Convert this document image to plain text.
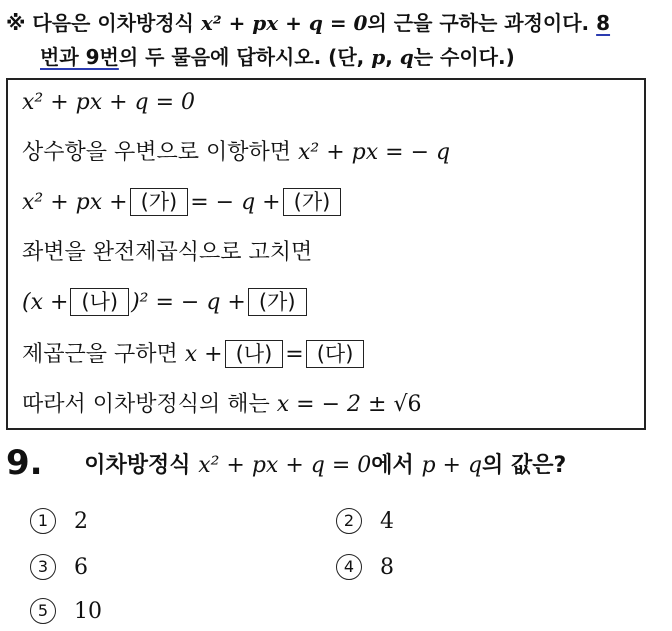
※ 다음은 이차방정식 x² + px + q = 0의 근을 구하는 과정이다. 8
번과 9번의 두 물음에 답하시오. (단, p, q는 수이다.)
x² + px + q = 0
상수항을 우변으로 이항하면 x² + px = − q
x² + px + (가) = − q + (가)
좌변을 완전제곱식으로 고치면
(x + (나) )² = − q + (가)
제곱근을 구하면 x + (나) = (다)
따라서 이차방정식의 해는 x = − 2 ± √6
9. 이차방정식 x² + px + q = 0에서 p + q의 값은?
1 2	2 4
3 6	4 8
5 10
